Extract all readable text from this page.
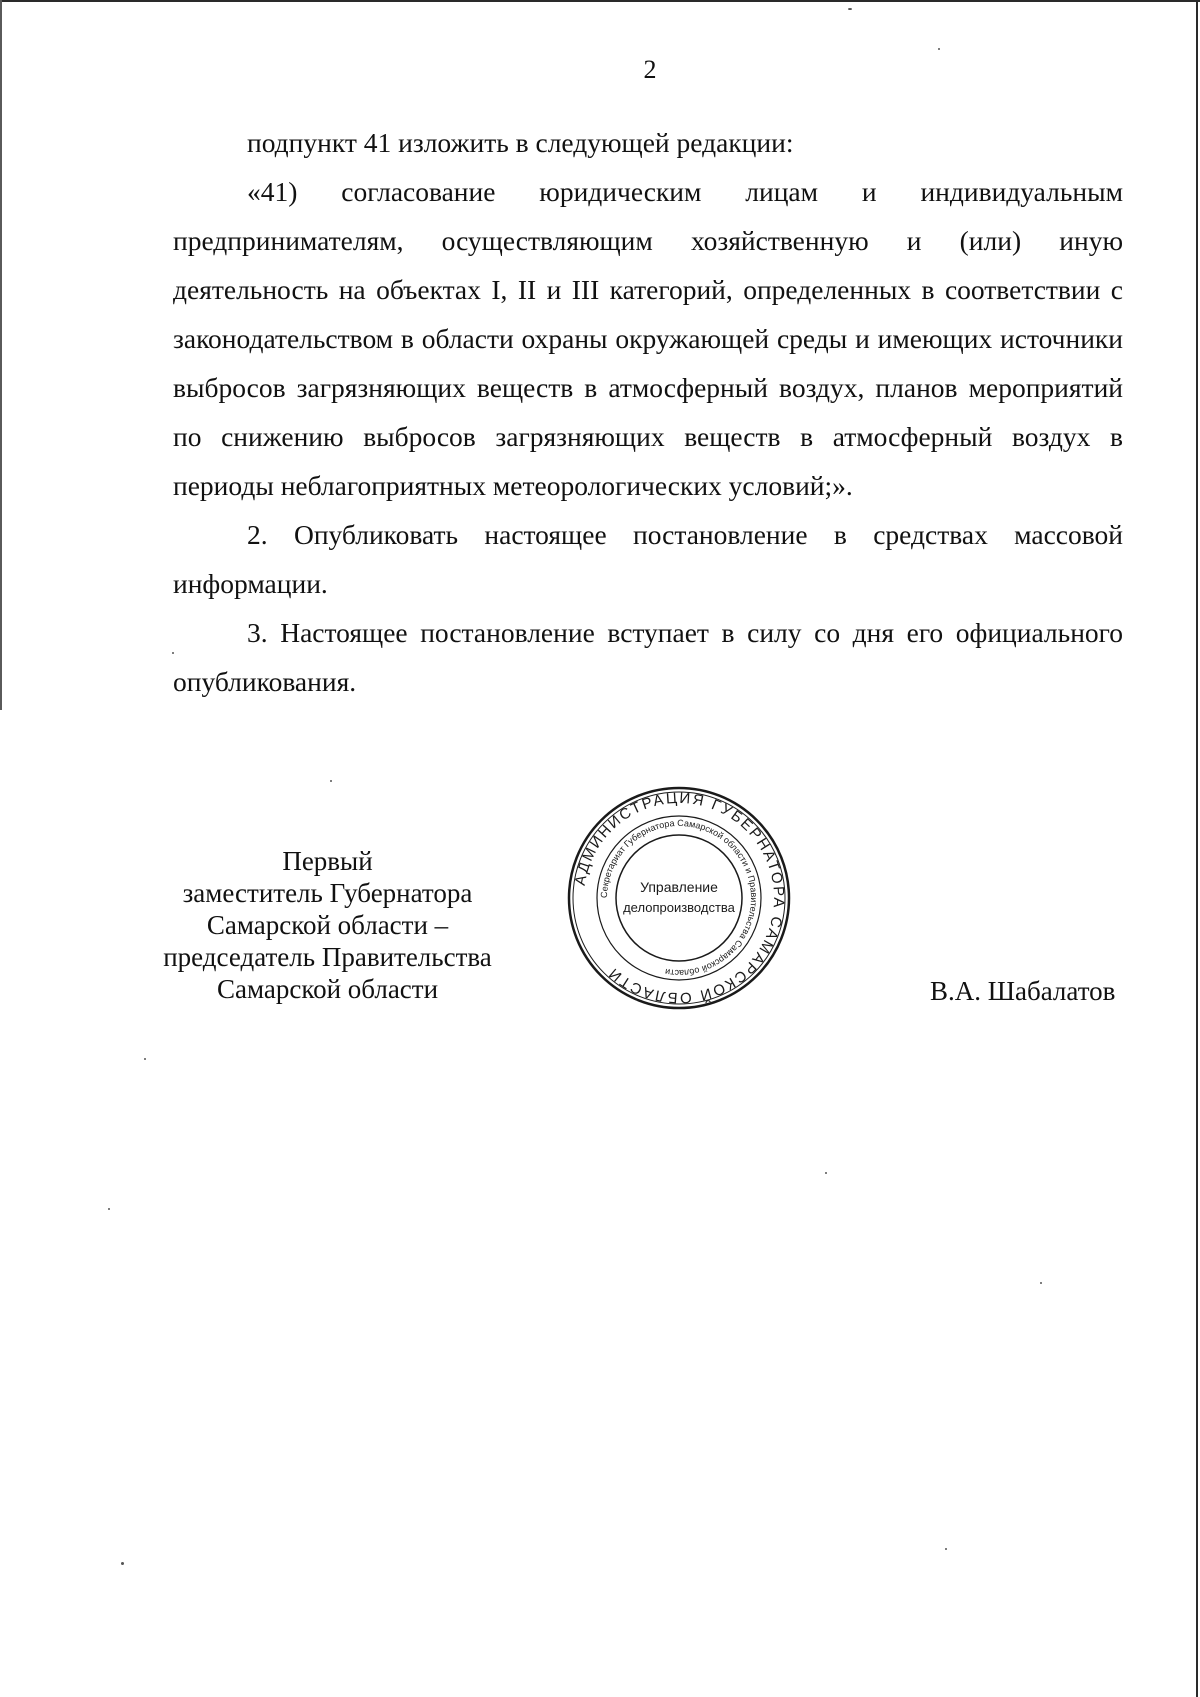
2

подпункт 41 изложить в следующей редакции:

«41) согласование юридическим лицам и индивидуальным предпринимателям, осуществляющим хозяйственную и (или) иную деятельность на объектах I, II и III категорий, определенных в соответствии с законодательством в области охраны окружающей среды и имеющих источники выбросов загрязняющих веществ в атмосферный воздух, планов мероприятий по снижению выбросов загрязняющих веществ в атмосферный воздух в периоды неблагоприятных метеорологических условий;».

2. Опубликовать настоящее постановление в средствах массовой информации.

3. Настоящее постановление вступает в силу со дня его официального опубликования.

Первый
заместитель Губернатора
Самарской области –
председатель Правительства
Самарской области
АДМИНИСТРАЦИЯ ГУБЕРНАТОРА САМАРСКОЙ ОБЛАСТИ
Секретариат Губернатора Самарской области и Правительства Самарской области
Управление
делопроизводства
В.А. Шабалатов
